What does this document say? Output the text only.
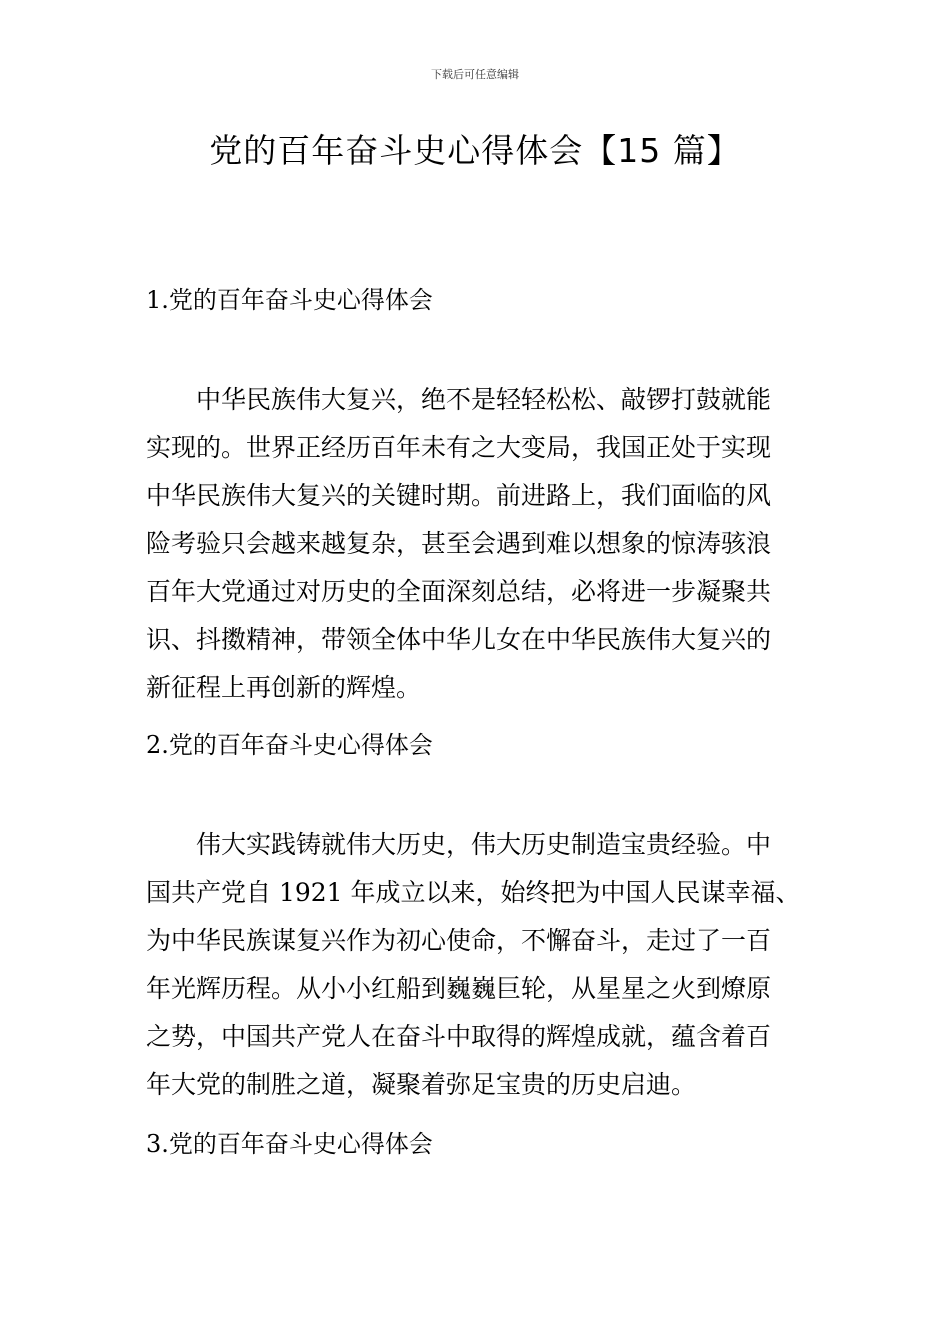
下载后可任意编辑
党的百年奋斗史心得体会【15 篇】
1.党的百年奋斗史心得体会
中华民族伟大复兴，绝不是轻轻松松、敲锣打鼓就能
实现的。世界正经历百年未有之大变局，我国正处于实现
中华民族伟大复兴的关键时期。前进路上，我们面临的风
险考验只会越来越复杂，甚至会遇到难以想象的惊涛骇浪
百年大党通过对历史的全面深刻总结，必将进一步凝聚共
识、抖擞精神，带领全体中华儿女在中华民族伟大复兴的
新征程上再创新的辉煌。
2.党的百年奋斗史心得体会
伟大实践铸就伟大历史，伟大历史制造宝贵经验。中
国共产党自 1921 年成立以来，始终把为中国人民谋幸福、
为中华民族谋复兴作为初心使命，不懈奋斗，走过了一百
年光辉历程。从小小红船到巍巍巨轮，从星星之火到燎原
之势，中国共产党人在奋斗中取得的辉煌成就，蕴含着百
年大党的制胜之道，凝聚着弥足宝贵的历史启迪。
3.党的百年奋斗史心得体会
